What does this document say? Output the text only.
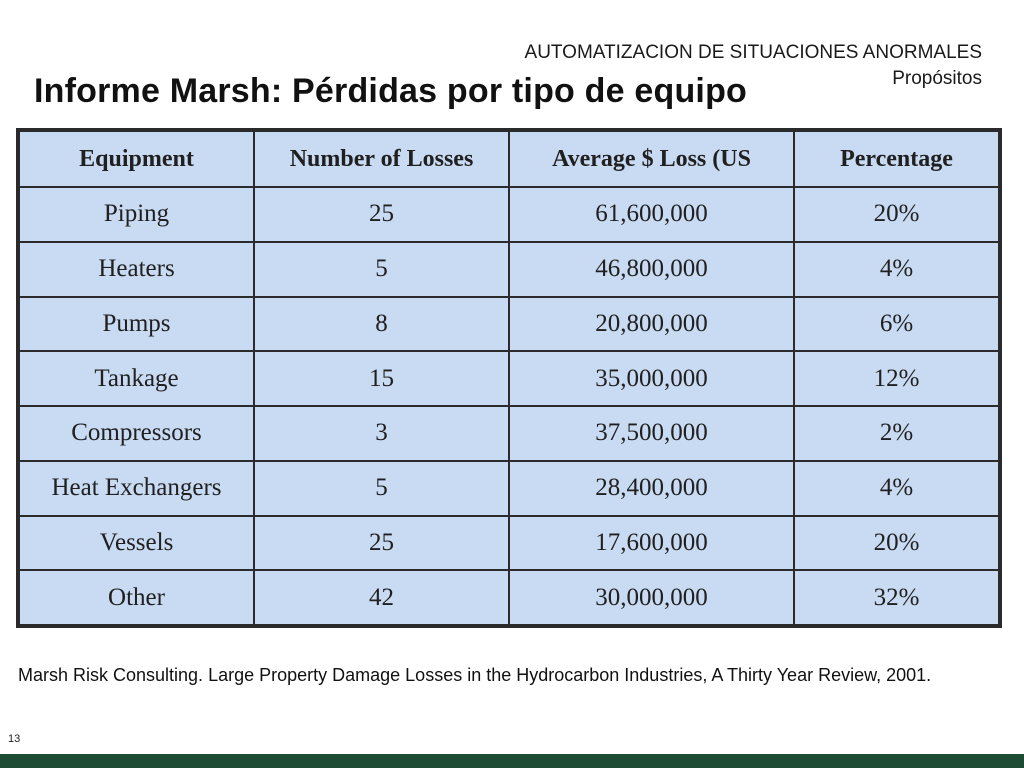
AUTOMATIZACION DE SITUACIONES ANORMALES
Propósitos
Informe Marsh: Pérdidas por tipo de equipo
Equipment	Number of Losses	Average $ Loss (US	Percentage
Piping	25	61,600,000	20%
Heaters	5	46,800,000	4%
Pumps	8	20,800,000	6%
Tankage	15	35,000,000	12%
Compressors	3	37,500,000	2%
Heat Exchangers	5	28,400,000	4%
Vessels	25	17,600,000	20%
Other	42	30,000,000	32%
Marsh Risk Consulting. Large Property Damage Losses in the Hydrocarbon Industries, A Thirty Year Review, 2001.
13
